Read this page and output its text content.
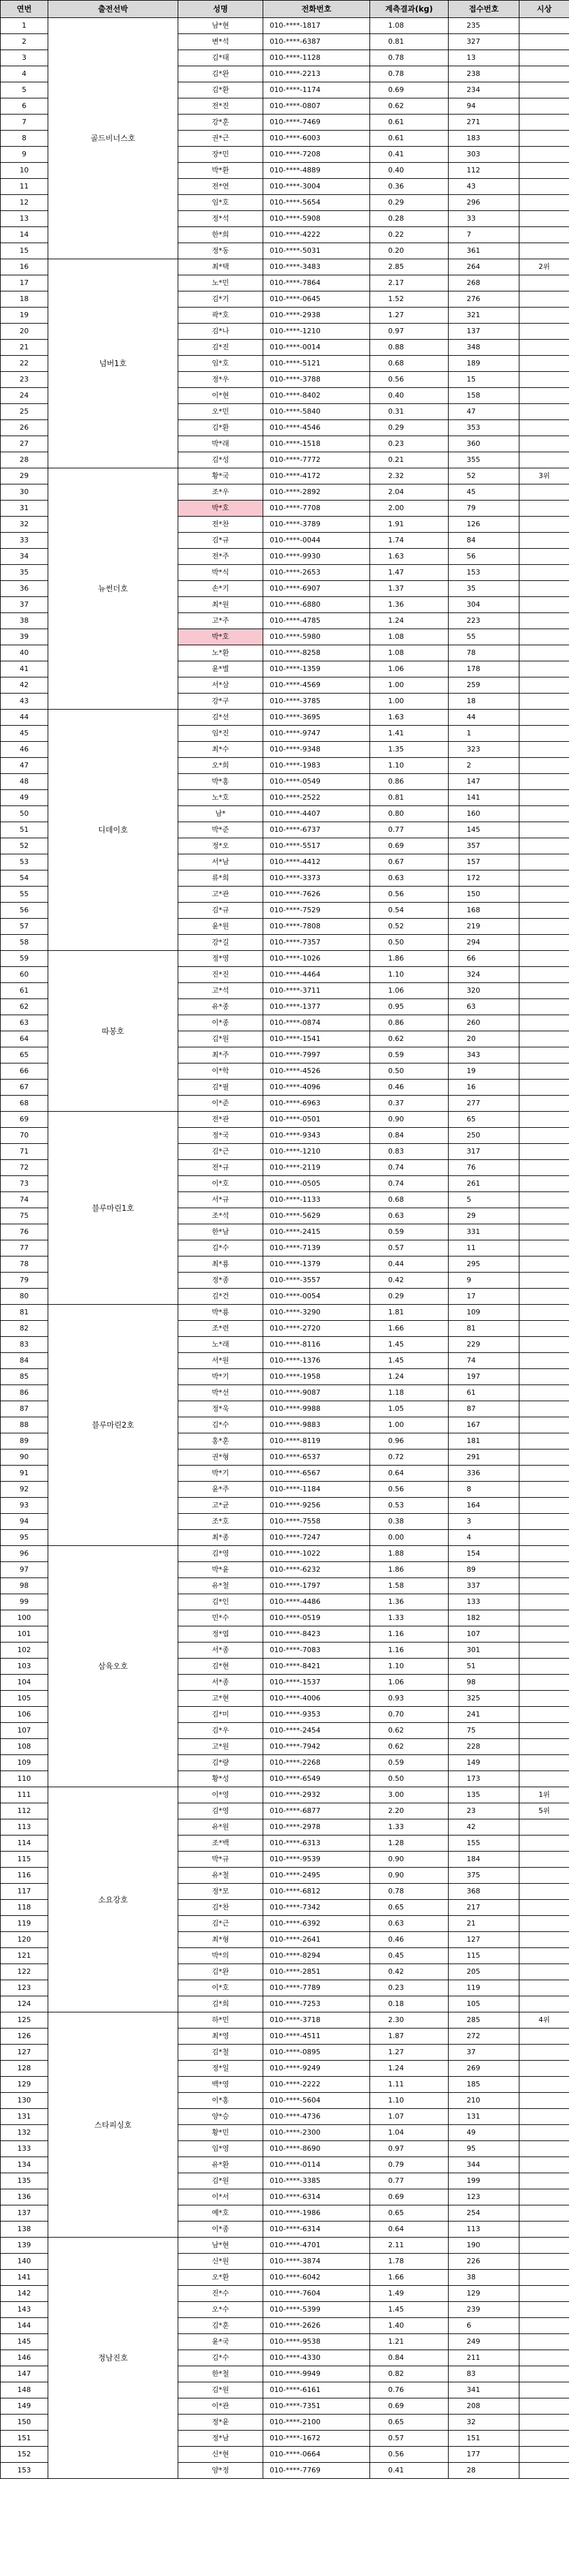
연번	출전선박	성명	전화번호	계측결과(kg)	접수번호	시상
1	골드비너스호	남*현	010-****-1817	1.08	235	
2		변*석	010-****-6387	0.81	327	
3		김*태	010-****-1128	0.78	13	
4		김*완	010-****-2213	0.78	238	
5		김*환	010-****-1174	0.69	234	
6		전*진	010-****-0807	0.62	94	
7		강*훈	010-****-7469	0.61	271	
8		권*근	010-****-6003	0.61	183	
9		장*민	010-****-7208	0.41	303	
10		박*환	010-****-4889	0.40	112	
11		전*연	010-****-3004	0.36	43	
12		임*호	010-****-5654	0.29	296	
13		정*석	010-****-5908	0.28	33	
14		한*희	010-****-4222	0.22	7	
15		정*동	010-****-5031	0.20	361	
16	넘버1호	최*택	010-****-3483	2.85	264	2위
17		노*민	010-****-7864	2.17	268	
18		김*기	010-****-0645	1.52	276	
19		곽*호	010-****-2938	1.27	321	
20		김*나	010-****-1210	0.97	137	
21		김*진	010-****-0014	0.88	348	
22		임*호	010-****-5121	0.68	189	
23		정*우	010-****-3788	0.56	15	
24		이*현	010-****-8402	0.40	158	
25		오*민	010-****-5840	0.31	47	
26		김*환	010-****-4546	0.29	353	
27		박*래	010-****-1518	0.23	360	
28		김*성	010-****-7772	0.21	355	
29	뉴썬더호	황*국	010-****-4172	2.32	52	3위
30		조*우	010-****-2892	2.04	45	
31		박*호	010-****-7708	2.00	79	
32		전*찬	010-****-3789	1.91	126	
33		김*규	010-****-0044	1.74	84	
34		전*주	010-****-9930	1.63	56	
35		박*식	010-****-2653	1.47	153	
36		손*기	010-****-6907	1.37	35	
37		최*원	010-****-6880	1.36	304	
38		고*주	010-****-4785	1.24	223	
39		박*호	010-****-5980	1.08	55	
40		노*환	010-****-8258	1.08	78	
41		윤*별	010-****-1359	1.06	178	
42		서*삼	010-****-4569	1.00	259	
43		강*구	010-****-3785	1.00	18	
44	디데이호	김*선	010-****-3695	1.63	44	
45		임*진	010-****-9747	1.41	1	
46		최*수	010-****-9348	1.35	323	
47		오*희	010-****-1983	1.10	2	
48		박*홍	010-****-0549	0.86	147	
49		노*호	010-****-2522	0.81	141	
50		남*	010-****-4407	0.80	160	
51		박*준	010-****-6737	0.77	145	
52		정*오	010-****-5517	0.69	357	
53		서*남	010-****-4412	0.67	157	
54		류*희	010-****-3373	0.63	172	
55		고*관	010-****-7626	0.56	150	
56		김*규	010-****-7529	0.54	168	
57		윤*원	010-****-7808	0.52	219	
58		강*길	010-****-7357	0.50	294	
59	따봉호	정*영	010-****-1026	1.86	66	
60		진*진	010-****-4464	1.10	324	
61		고*석	010-****-3711	1.06	320	
62		유*종	010-****-1377	0.95	63	
63		이*종	010-****-0874	0.86	260	
64		김*원	010-****-1541	0.62	20	
65		최*주	010-****-7997	0.59	343	
66		이*학	010-****-4526	0.50	19	
67		김*필	010-****-4096	0.46	16	
68		이*준	010-****-6963	0.37	277	
69	블루마린1호	전*관	010-****-0501	0.90	65	
70		정*국	010-****-9343	0.84	250	
71		김*근	010-****-1210	0.83	317	
72		전*규	010-****-2119	0.74	76	
73		이*호	010-****-0505	0.74	261	
74		서*규	010-****-1133	0.68	5	
75		조*석	010-****-5629	0.63	29	
76		한*남	010-****-2415	0.59	331	
77		김*수	010-****-7139	0.57	11	
78		최*룡	010-****-1379	0.44	295	
79		정*종	010-****-3557	0.42	9	
80		김*건	010-****-0054	0.29	17	
81	블루마린2호	박*룡	010-****-3290	1.81	109	
82		조*련	010-****-2720	1.66	81	
83		노*래	010-****-8116	1.45	229	
84		서*원	010-****-1376	1.45	74	
85		박*기	010-****-1958	1.24	197	
86		박*선	010-****-9087	1.18	61	
87		정*욱	010-****-9988	1.05	87	
88		김*수	010-****-9883	1.00	167	
89		홍*훈	010-****-8119	0.96	181	
90		권*형	010-****-6537	0.72	291	
91		박*기	010-****-6567	0.64	336	
92		윤*주	010-****-1184	0.56	8	
93		고*균	010-****-9256	0.53	164	
94		조*호	010-****-7558	0.38	3	
95		최*종	010-****-7247	0.00	4	
96	삼육오호	김*영	010-****-1022	1.88	154	
97		박*윤	010-****-6232	1.86	89	
98		유*철	010-****-1797	1.58	337	
99		김*인	010-****-4486	1.36	133	
100		민*수	010-****-0519	1.33	182	
101		정*엽	010-****-8423	1.16	107	
102		서*종	010-****-7083	1.16	301	
103		김*현	010-****-8421	1.10	51	
104		서*종	010-****-1537	1.06	98	
105		고*현	010-****-4006	0.93	325	
106		김*미	010-****-9353	0.70	241	
107		김*우	010-****-2454	0.62	75	
108		고*원	010-****-7942	0.62	228	
109		김*량	010-****-2268	0.59	149	
110		황*성	010-****-6549	0.50	173	
111	소요강호	이*영	010-****-2932	3.00	135	1위
112		김*영	010-****-6877	2.20	23	5위
113		유*원	010-****-2978	1.33	42	
114		조*백	010-****-6313	1.28	155	
115		박*규	010-****-9539	0.90	184	
116		유*철	010-****-2495	0.90	375	
117		정*모	010-****-6812	0.78	368	
118		김*찬	010-****-7342	0.65	217	
119		김*근	010-****-6392	0.63	21	
120		최*형	010-****-2641	0.46	127	
121		박*의	010-****-8294	0.45	115	
122		김*완	010-****-2851	0.42	205	
123		이*호	010-****-7789	0.23	119	
124		김*희	010-****-7253	0.18	105	
125	스타피싱호	하*민	010-****-3718	2.30	285	4위
126		최*영	010-****-4511	1.87	272	
127		김*철	010-****-0895	1.27	37	
128		정*일	010-****-9249	1.24	269	
129		백*영	010-****-2222	1.11	185	
130		이*홍	010-****-5604	1.10	210	
131		양*승	010-****-4736	1.07	131	
132		황*민	010-****-2300	1.04	49	
133		임*영	010-****-8690	0.97	95	
134		유*환	010-****-0114	0.79	344	
135		김*원	010-****-3385	0.77	199	
136		이*서	010-****-6314	0.69	123	
137		예*호	010-****-1986	0.65	254	
138		이*종	010-****-6314	0.64	113	
139	정남진호	남*현	010-****-4701	2.11	190	
140		신*원	010-****-3874	1.78	226	
141		오*환	010-****-6042	1.66	38	
142		진*수	010-****-7604	1.49	129	
143		오*수	010-****-5399	1.45	239	
144		김*훈	010-****-2626	1.40	6	
145		윤*국	010-****-9538	1.21	249	
146		김*수	010-****-4330	0.84	211	
147		한*철	010-****-9949	0.82	83	
148		김*원	010-****-6161	0.76	341	
149		이*관	010-****-7351	0.69	208	
150		정*윤	010-****-2100	0.65	32	
151		정*남	010-****-1672	0.57	151	
152		신*현	010-****-0664	0.56	177	
153		양*정	010-****-7769	0.41	28	
